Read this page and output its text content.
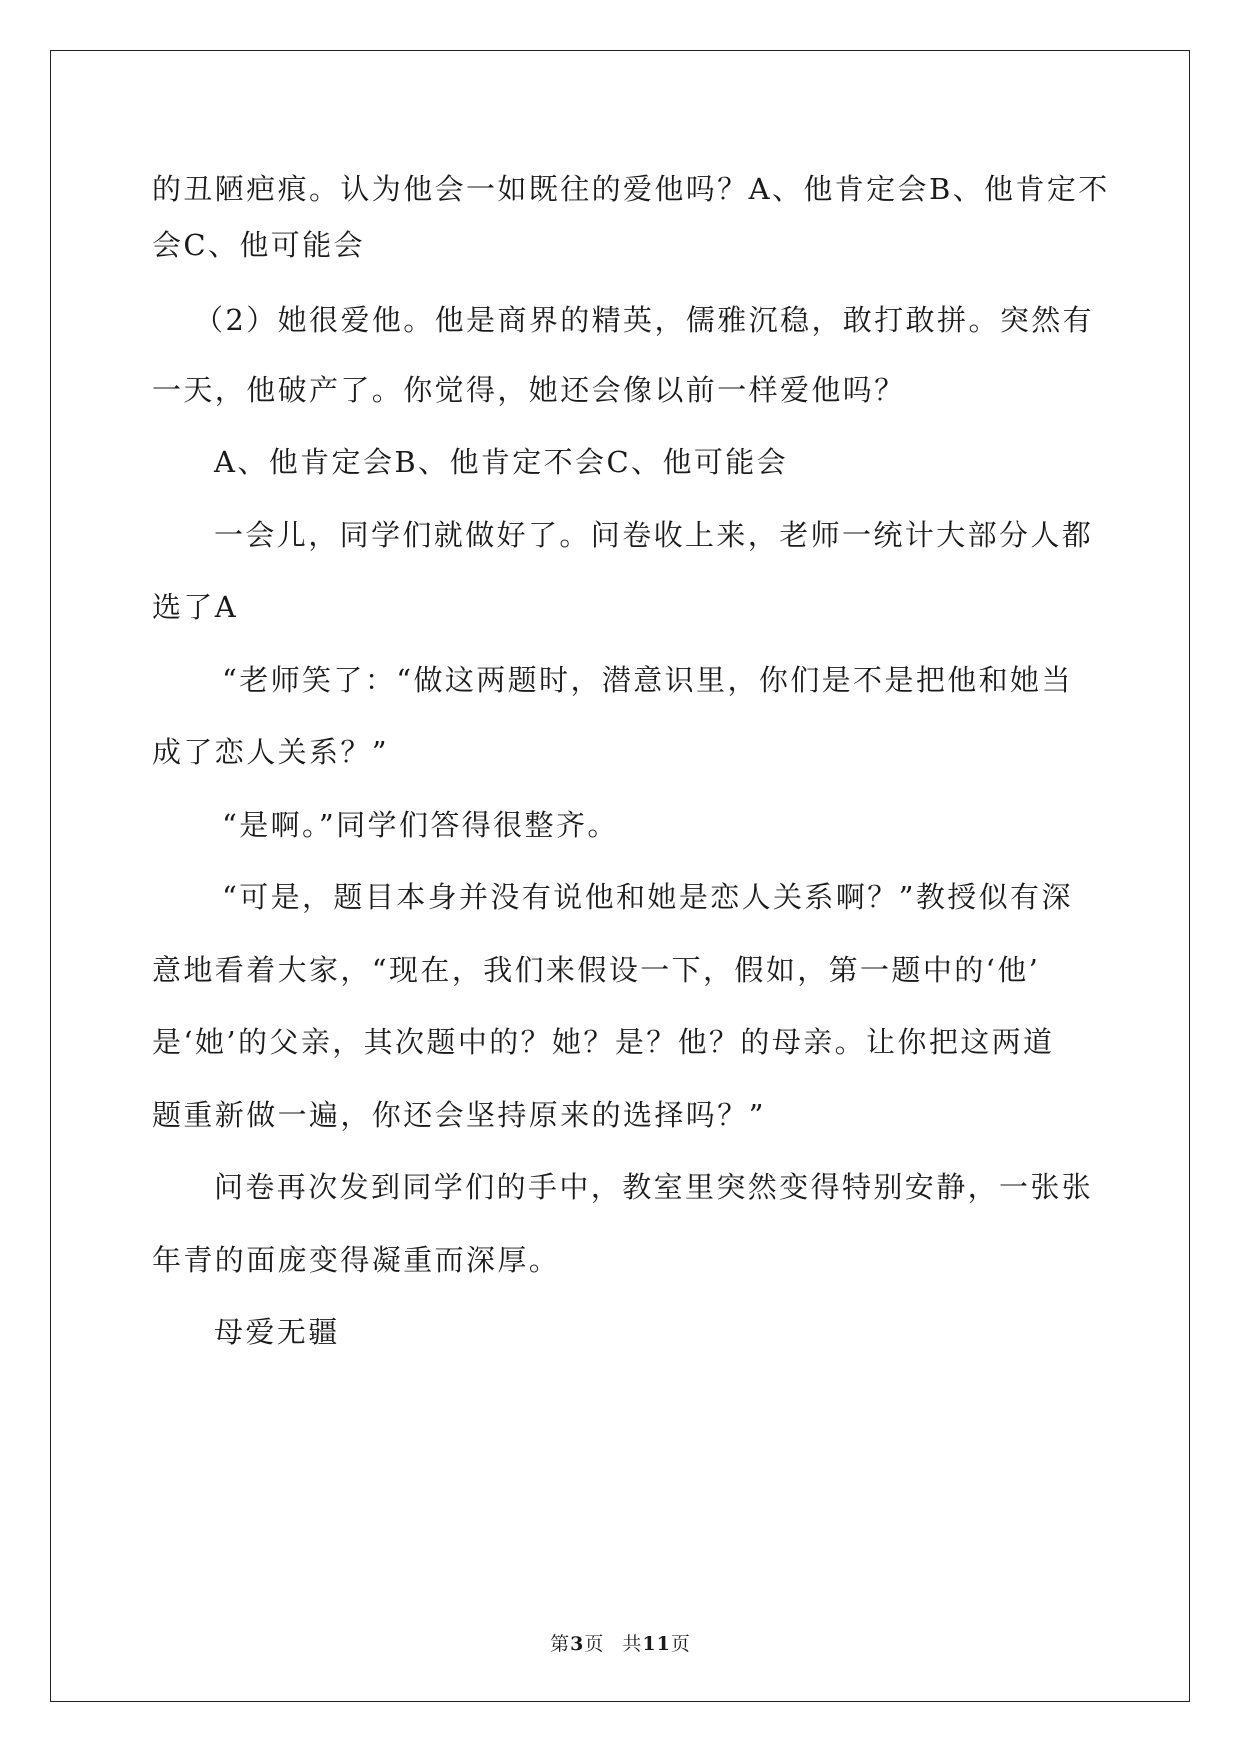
的丑陋疤痕。认为他会一如既往的爱他吗？A、他肯定会B、他肯定不
会C、他可能会
（2）她很爱他。他是商界的精英，儒雅沉稳，敢打敢拼。突然有
一天，他破产了。你觉得，她还会像以前一样爱他吗？
A、他肯定会B、他肯定不会C、他可能会
一会儿，同学们就做好了。问卷收上来，老师一统计大部分人都
选了A
“老师笑了：“做这两题时，潜意识里，你们是不是把他和她当
成了恋人关系？”
“是啊。”同学们答得很整齐。
“可是，题目本身并没有说他和她是恋人关系啊？”教授似有深
意地看着大家，“现在，我们来假设一下，假如，第一题中的‘他’
是‘她’的父亲，其次题中的？她？是？他？的母亲。让你把这两道
题重新做一遍，你还会坚持原来的选择吗？”
问卷再次发到同学们的手中，教室里突然变得特别安静，一张张
年青的面庞变得凝重而深厚。
母爱无疆
第3页 共11页
